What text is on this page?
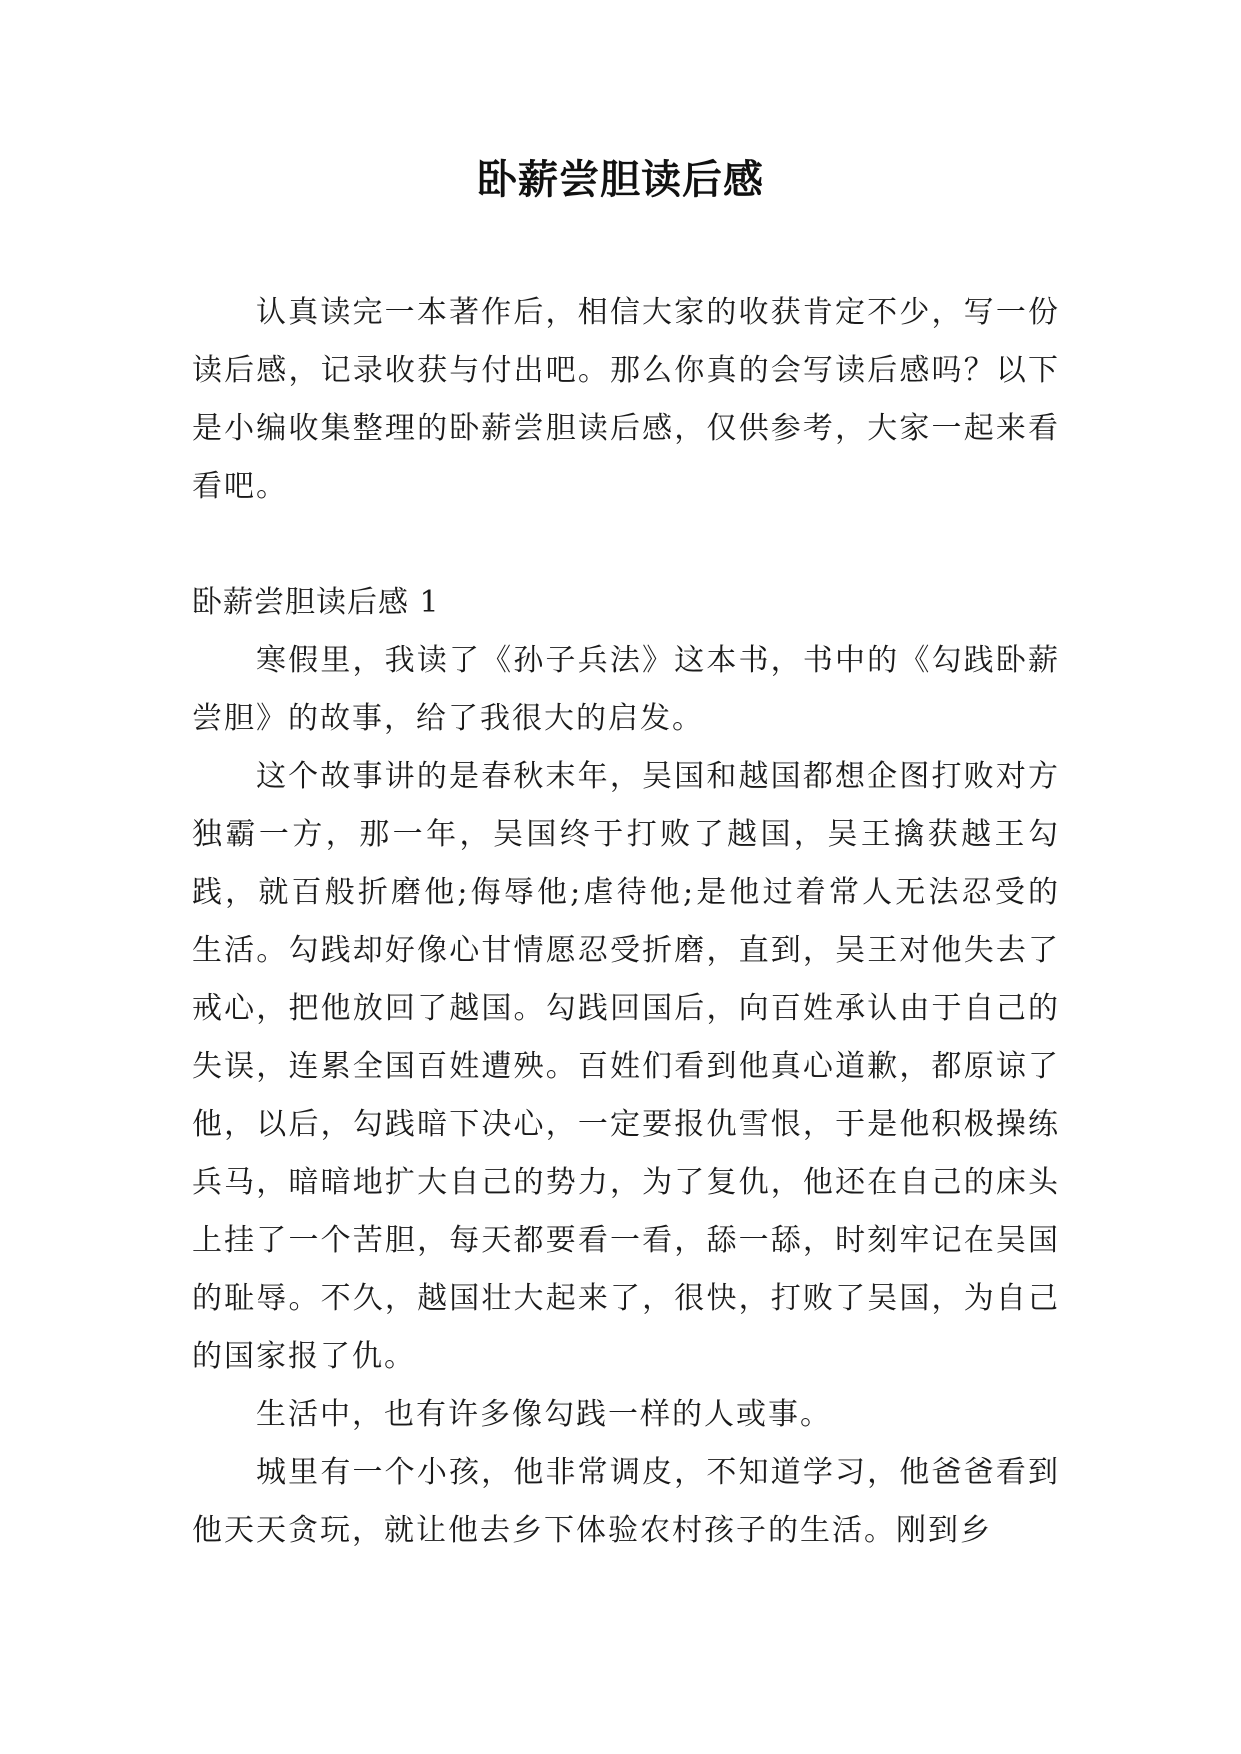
卧薪尝胆读后感

认真读完一本著作后，相信大家的收获肯定不少，写一份读后感，记录收获与付出吧。那么你真的会写读后感吗？以下是小编收集整理的卧薪尝胆读后感，仅供参考，大家一起来看看吧。

卧薪尝胆读后感 1

寒假里，我读了《孙子兵法》这本书，书中的《勾践卧薪尝胆》的故事，给了我很大的启发。

这个故事讲的是春秋末年，吴国和越国都想企图打败对方独霸一方，那一年，吴国终于打败了越国，吴王擒获越王勾践，就百般折磨他;侮辱他;虐待他;是他过着常人无法忍受的生活。勾践却好像心甘情愿忍受折磨，直到，吴王对他失去了戒心，把他放回了越国。勾践回国后，向百姓承认由于自己的失误，连累全国百姓遭殃。百姓们看到他真心道歉，都原谅了他，以后，勾践暗下决心，一定要报仇雪恨，于是他积极操练兵马，暗暗地扩大自己的势力，为了复仇，他还在自己的床头上挂了一个苦胆，每天都要看一看，舔一舔，时刻牢记在吴国的耻辱。不久，越国壮大起来了，很快，打败了吴国，为自己的国家报了仇。

生活中，也有许多像勾践一样的人或事。

城里有一个小孩，他非常调皮，不知道学习，他爸爸看到他天天贪玩，就让他去乡下体验农村孩子的生活。刚到乡
